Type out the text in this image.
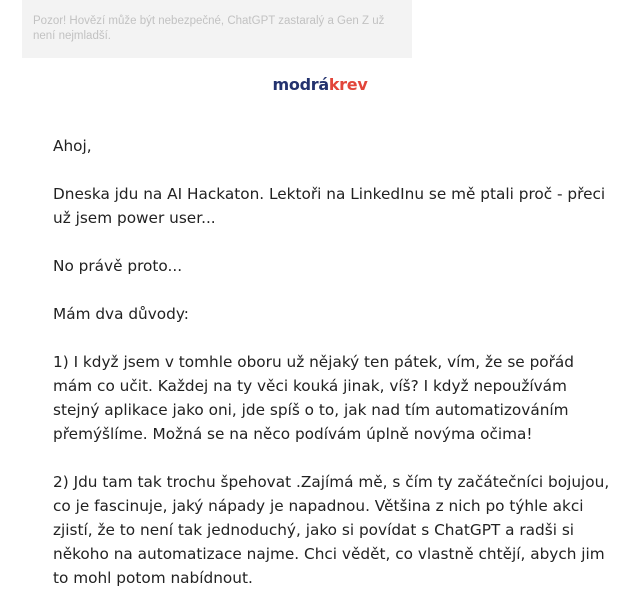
Pozor! Hovězí může být nebezpečné, ChatGPT zastaralý a Gen Z už není nejmladší.
modrákrev

Ahoj,

Dneska jdu na AI Hackaton. Lektoři na LinkedInu se mě ptali proč - přeci už jsem power user...

No právě proto...

Mám dva důvody:

1) I když jsem v tomhle oboru už nějaký ten pátek, vím, že se pořád mám co učit. Každej na ty věci kouká jinak, víš? I když nepoužívám stejný aplikace jako oni, jde spíš o to, jak nad tím automatizováním přemýšlíme. Možná se na něco podívám úplně novýma očima!

2) Jdu tam tak trochu špehovat .Zajímá mě, s čím ty začátečníci bojujou, co je fascinuje, jaký nápady je napadnou. Většina z nich po týhle akci zjistí, že to není tak jednoduchý, jako si povídat s ChatGPT a radši si někoho na automatizace najme. Chci vědět, co vlastně chtějí, abych jim to mohl potom nabídnout.
